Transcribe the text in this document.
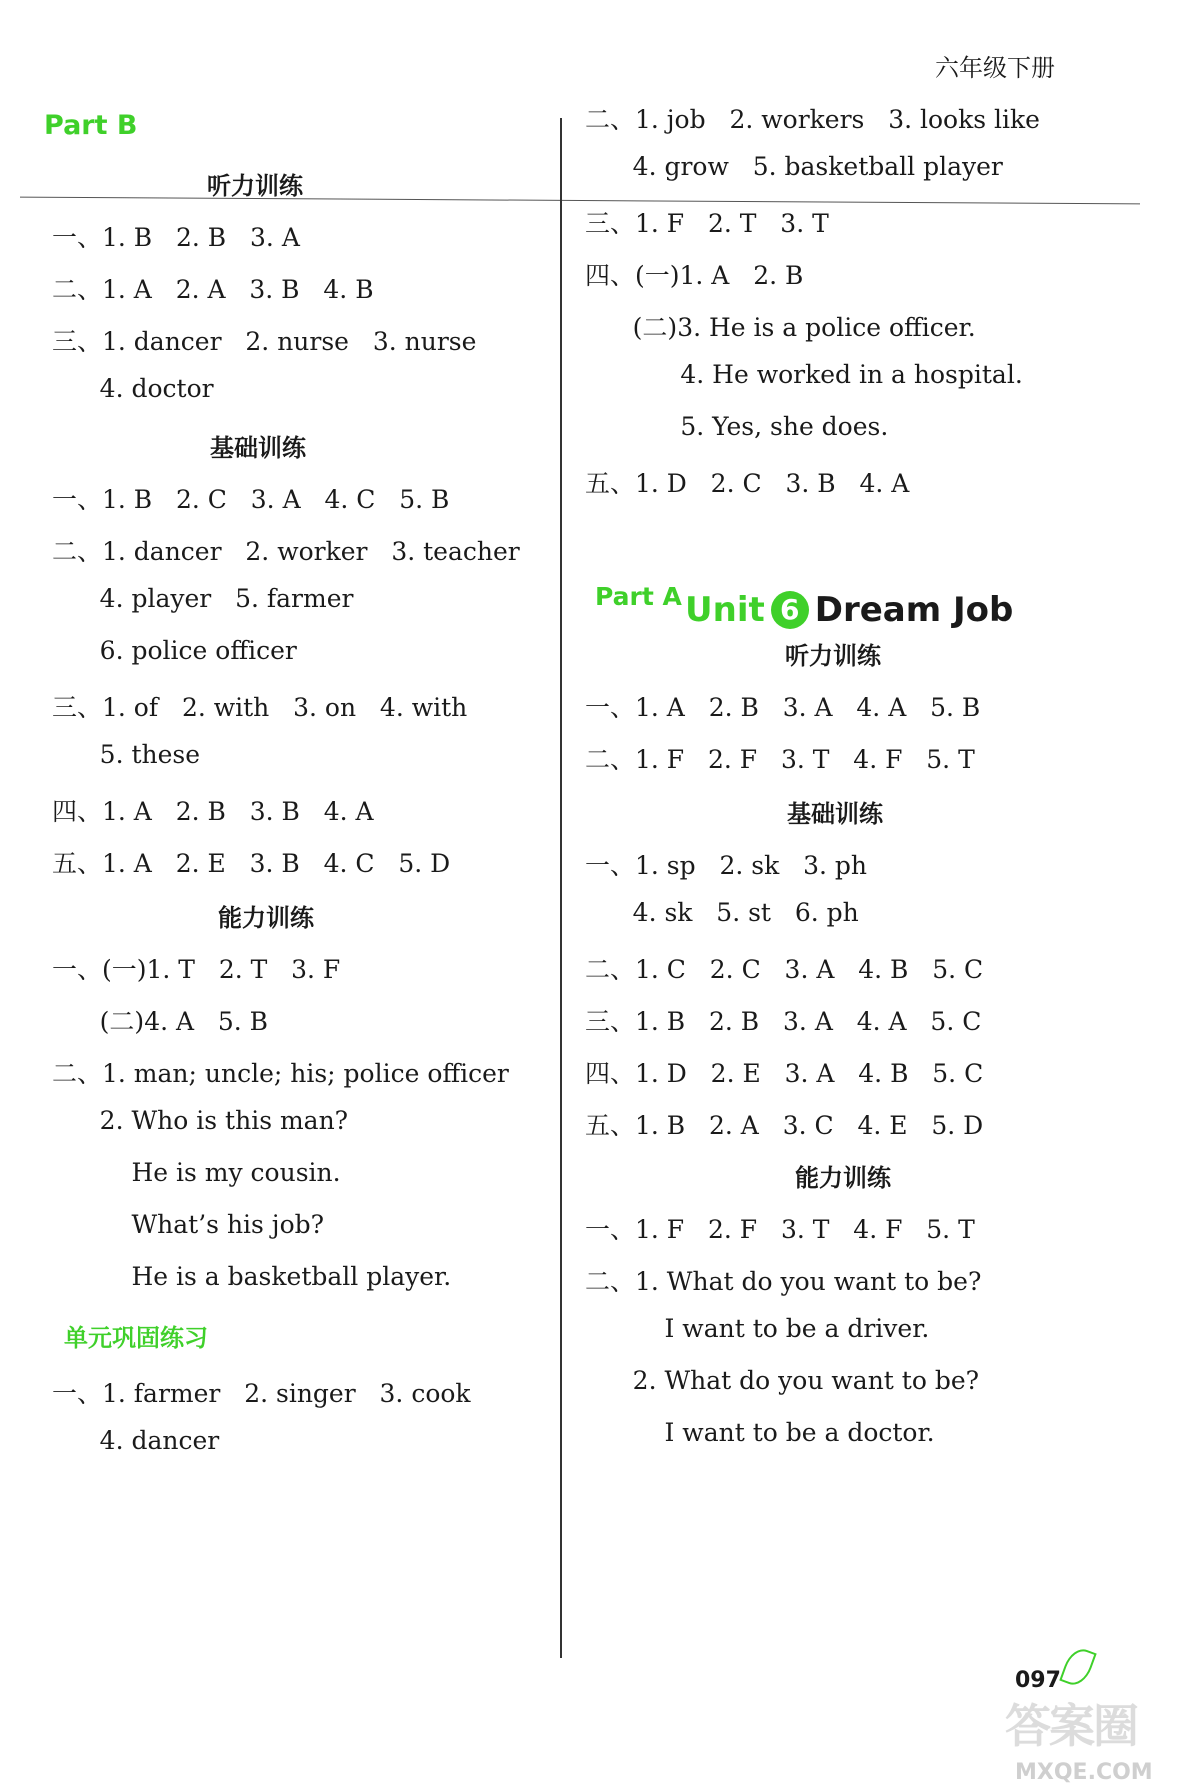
六年级下册
Part B
听力训练
一、1. B   2. B   3. A
二、1. A   2. A   3. B   4. B
三、1. dancer   2. nurse   3. nurse
4. doctor
基础训练
一、1. B   2. C   3. A   4. C   5. B
二、1. dancer   2. worker   3. teacher
4. player   5. farmer
6. police officer
三、1. of   2. with   3. on   4. with
5. these
四、1. A   2. B   3. B   4. A
五、1. A   2. E   3. B   4. C   5. D
能力训练
一、(一)1. T   2. T   3. F
(二)4. A   5. B
二、1. man; uncle; his; police officer
2. Who is this man?
He is my cousin.
What’s his job?
He is a basketball player.
单元巩固练习
一、1. farmer   2. singer   3. cook
4. dancer
二、1. job   2. workers   3. looks like
4. grow   5. basketball player
三、1. F   2. T   3. T
四、(一)1. A   2. B
(二)3. He is a police officer.
4. He worked in a hospital.
5. Yes, she does.
五、1. D   2. C   3. B   4. A
Unit 6 Dream Job
Part A
听力训练
一、1. A   2. B   3. A   4. A   5. B
二、1. F   2. F   3. T   4. F   5. T
基础训练
一、1. sp   2. sk   3. ph
4. sk   5. st   6. ph
二、1. C   2. C   3. A   4. B   5. C
三、1. B   2. B   3. A   4. A   5. C
四、1. D   2. E   3. A   4. B   5. C
五、1. B   2. A   3. C   4. E   5. D
能力训练
一、1. F   2. F   3. T   4. F   5. T
二、1. What do you want to be?
I want to be a driver.
2. What do you want to be?
I want to be a doctor.
097
答案圈
MXQE.COM
